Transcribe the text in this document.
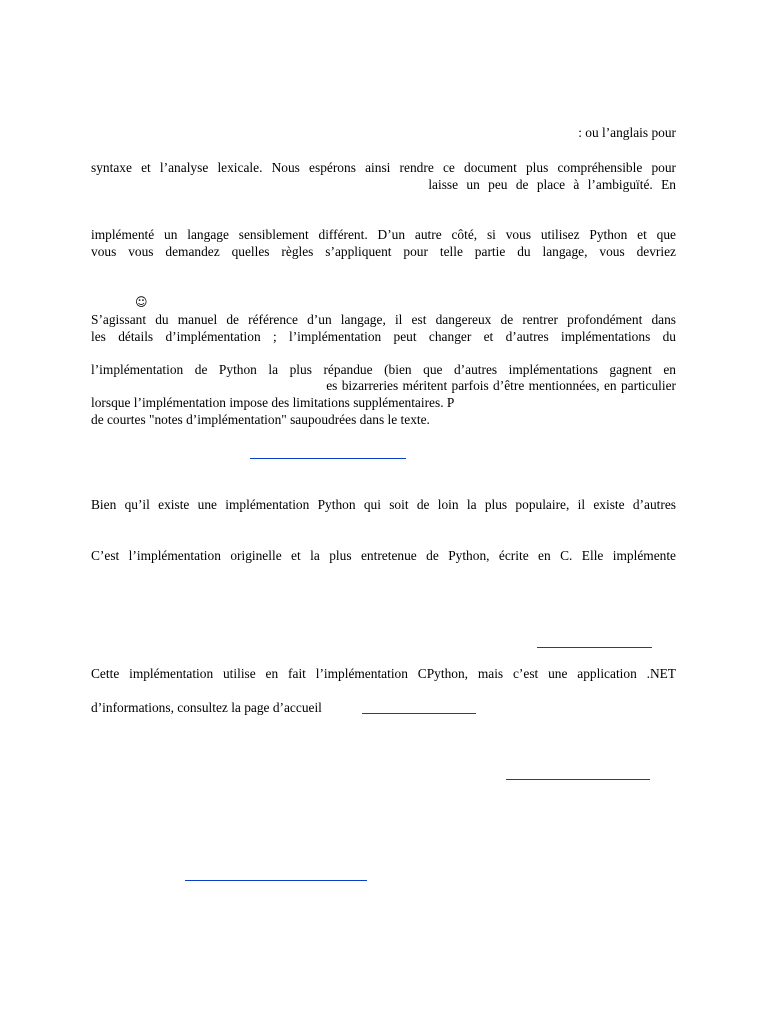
: ou l’anglais pour

syntaxe et l’analyse lexicale. Nous espérons ainsi rendre ce document plus compréhensible pour

laisse un peu de place à l’ambiguïté. En

implémenté un langage sensiblement différent. D’un autre côté, si vous utilisez Python et que

vous vous demandez quelles règles s’appliquent pour telle partie du langage, vous devriez

☺

S’agissant du manuel de référence d’un langage, il est dangereux de rentrer profondément dans

les détails d’implémentation ; l’implémentation peut changer et d’autres implémentations du

l’implémentation de Python la plus répandue (bien que d’autres implémentations gagnent en

es bizarreries méritent parfois d’être mentionnées, en particulier

lorsque l’implémentation impose des limitations supplémentaires. P

de courtes "notes d’implémentation" saupoudrées dans le texte.

Bien qu’il existe une implémentation Python qui soit de loin la plus populaire, il existe d’autres

C’est l’implémentation originelle et la plus entretenue de Python, écrite en C. Elle implémente

Cette implémentation utilise en fait l’implémentation CPython, mais c’est une application .NET

d’informations, consultez la page d’accueil
